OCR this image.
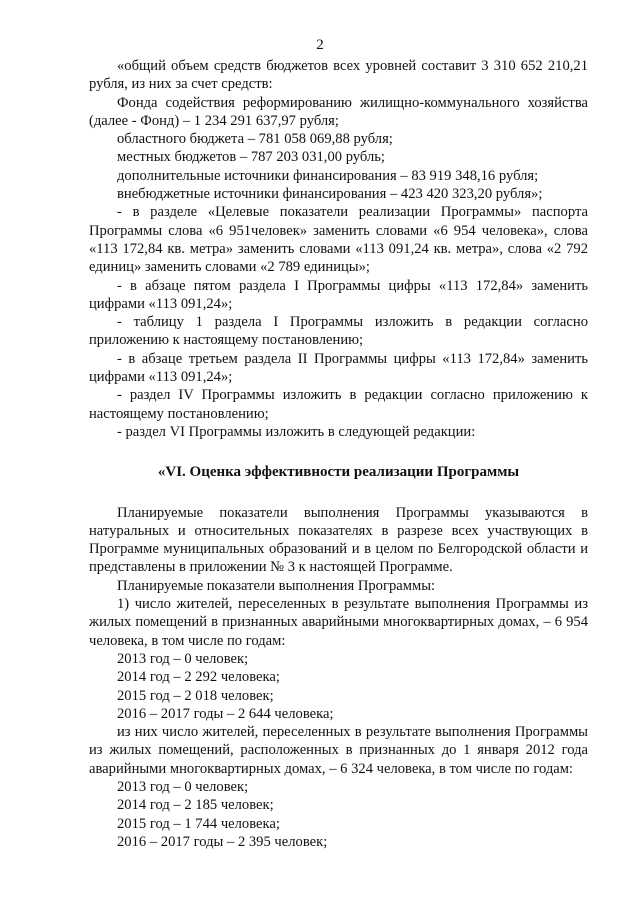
2

«общий объем средств бюджетов всех уровней составит 3 310 652 210,21 рубля, из них за счет средств:

Фонда содействия реформированию жилищно-коммунального хозяйства (далее - Фонд) – 1 234 291 637,97 рубля;

областного бюджета – 781 058 069,88 рубля;

местных бюджетов – 787 203 031,00 рубль;

дополнительные источники финансирования – 83 919 348,16 рубля;

внебюджетные источники финансирования – 423 420 323,20 рубля»;

- в разделе «Целевые показатели реализации Программы» паспорта Программы слова «6 951человек» заменить словами «6 954 человека», слова «113 172,84 кв. метра» заменить словами «113 091,24 кв. метра», слова «2 792 единиц» заменить словами «2 789 единицы»;

- в абзаце пятом раздела I Программы цифры «113 172,84» заменить цифрами «113 091,24»;

- таблицу 1 раздела I Программы изложить в редакции согласно приложению к настоящему постановлению;

- в абзаце третьем раздела II Программы цифры «113 172,84» заменить цифрами «113 091,24»;

- раздел IV Программы изложить в редакции согласно приложению к настоящему постановлению;

- раздел VI Программы изложить в следующей редакции:

«VI. Оценка эффективности реализации Программы

Планируемые показатели выполнения Программы указываются в натуральных и относительных показателях в разрезе всех участвующих в Программе муниципальных образований и в целом по Белгородской области и представлены в приложении № 3 к настоящей Программе.

Планируемые показатели выполнения Программы:

1) число жителей, переселенных в результате выполнения Программы из жилых помещений в признанных аварийными многоквартирных домах, – 6 954 человека, в том числе по годам:

2013 год – 0 человек;

2014 год – 2 292 человека;

2015 год – 2 018 человек;

2016 – 2017 годы – 2 644 человека;

из них число жителей, переселенных в результате выполнения Программы из жилых помещений, расположенных в признанных до 1 января 2012 года аварийными многоквартирных домах, – 6 324 человека, в том числе по годам:

2013 год – 0 человек;

2014 год – 2 185 человек;

2015 год – 1 744 человека;

2016 – 2017 годы – 2 395 человек;
